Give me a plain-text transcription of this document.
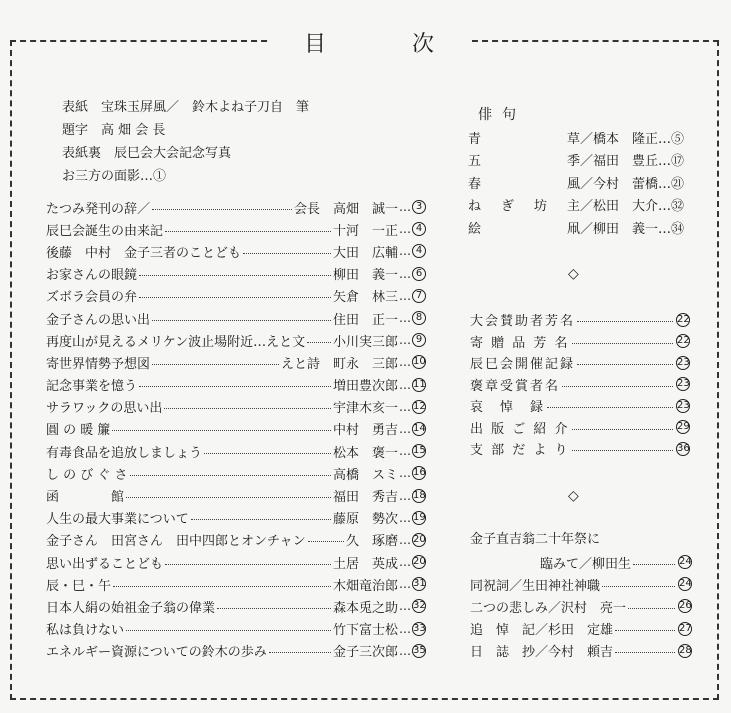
目	次
表紙　宝珠玉屏風／　鈴木よね子刀自　筆
題字　高 畑 会 長
表紙裏　辰巳会大会記念写真
お三方の面影…①
たつみ発刊の辞／	会長　高畑　誠一 … 3
辰巳会誕生の由来記	十河　一正 … 4
後藤　中村　金子三者のことども	大田　広輔 … 4
お家さんの眼鏡	柳田　義一 … 6
ズボラ会員の弁	矢倉　林三 … 7
金子さんの思い出	住田　正一 … 8
再度山が見えるメリケン波止場附近…えと文 小川実三郎 … 9
寄世界情勢予想図	えと詩　町永　三郎 … 10
記念事業を憶う	増田豊次郎 … 11
サラワックの思い出	宇津木亥一 … 12
圓 の 暖 簾	中村　勇吉 … 14
有毒食品を追放しましょう	松本　褒一 … 15
し の び ぐ さ	高橋　スミ … 16
函　　　　館	福田　秀吉 … 18
人生の最大事業について	藤原　勢次 … 19
金子さん　田宮さん　田中四郎とオンチャン	久　琢磨 … 20
思い出ずることども	土居　英成 … 20
辰・巳・午	木畑竜治郎 … 31
日本人絹の始祖金子翁の偉業	森本兎之助 … 32
私は負けない	竹下富士松 … 33
エネルギー資源についての鈴木の歩み	金子三次郎 … 35
俳句
青	草 ／橋本　隆正…⑤
五	季 ／福田　豊丘…⑰
春	風 ／今村　蕾橋…㉑
ね ぎ 坊 主 ／松田　大介…㉜
絵	凧 ／柳田　義一…㉞
◇
大会賛助者芳名	22
寄 贈 品 芳 名	22
辰巳会開催記録	23
褒章受賞者名	23
哀　悼　録	23
出 版 ご 紹 介	29
支 部 だ よ り	36
◇
金子直吉翁二十年祭に
臨みて／柳田生	24
同祝詞／生田神社神職	24
二つの悲しみ／沢村　亮一	26
追　悼　記／杉田　定雄	27
日　誌　抄／今村　頼吉	28
